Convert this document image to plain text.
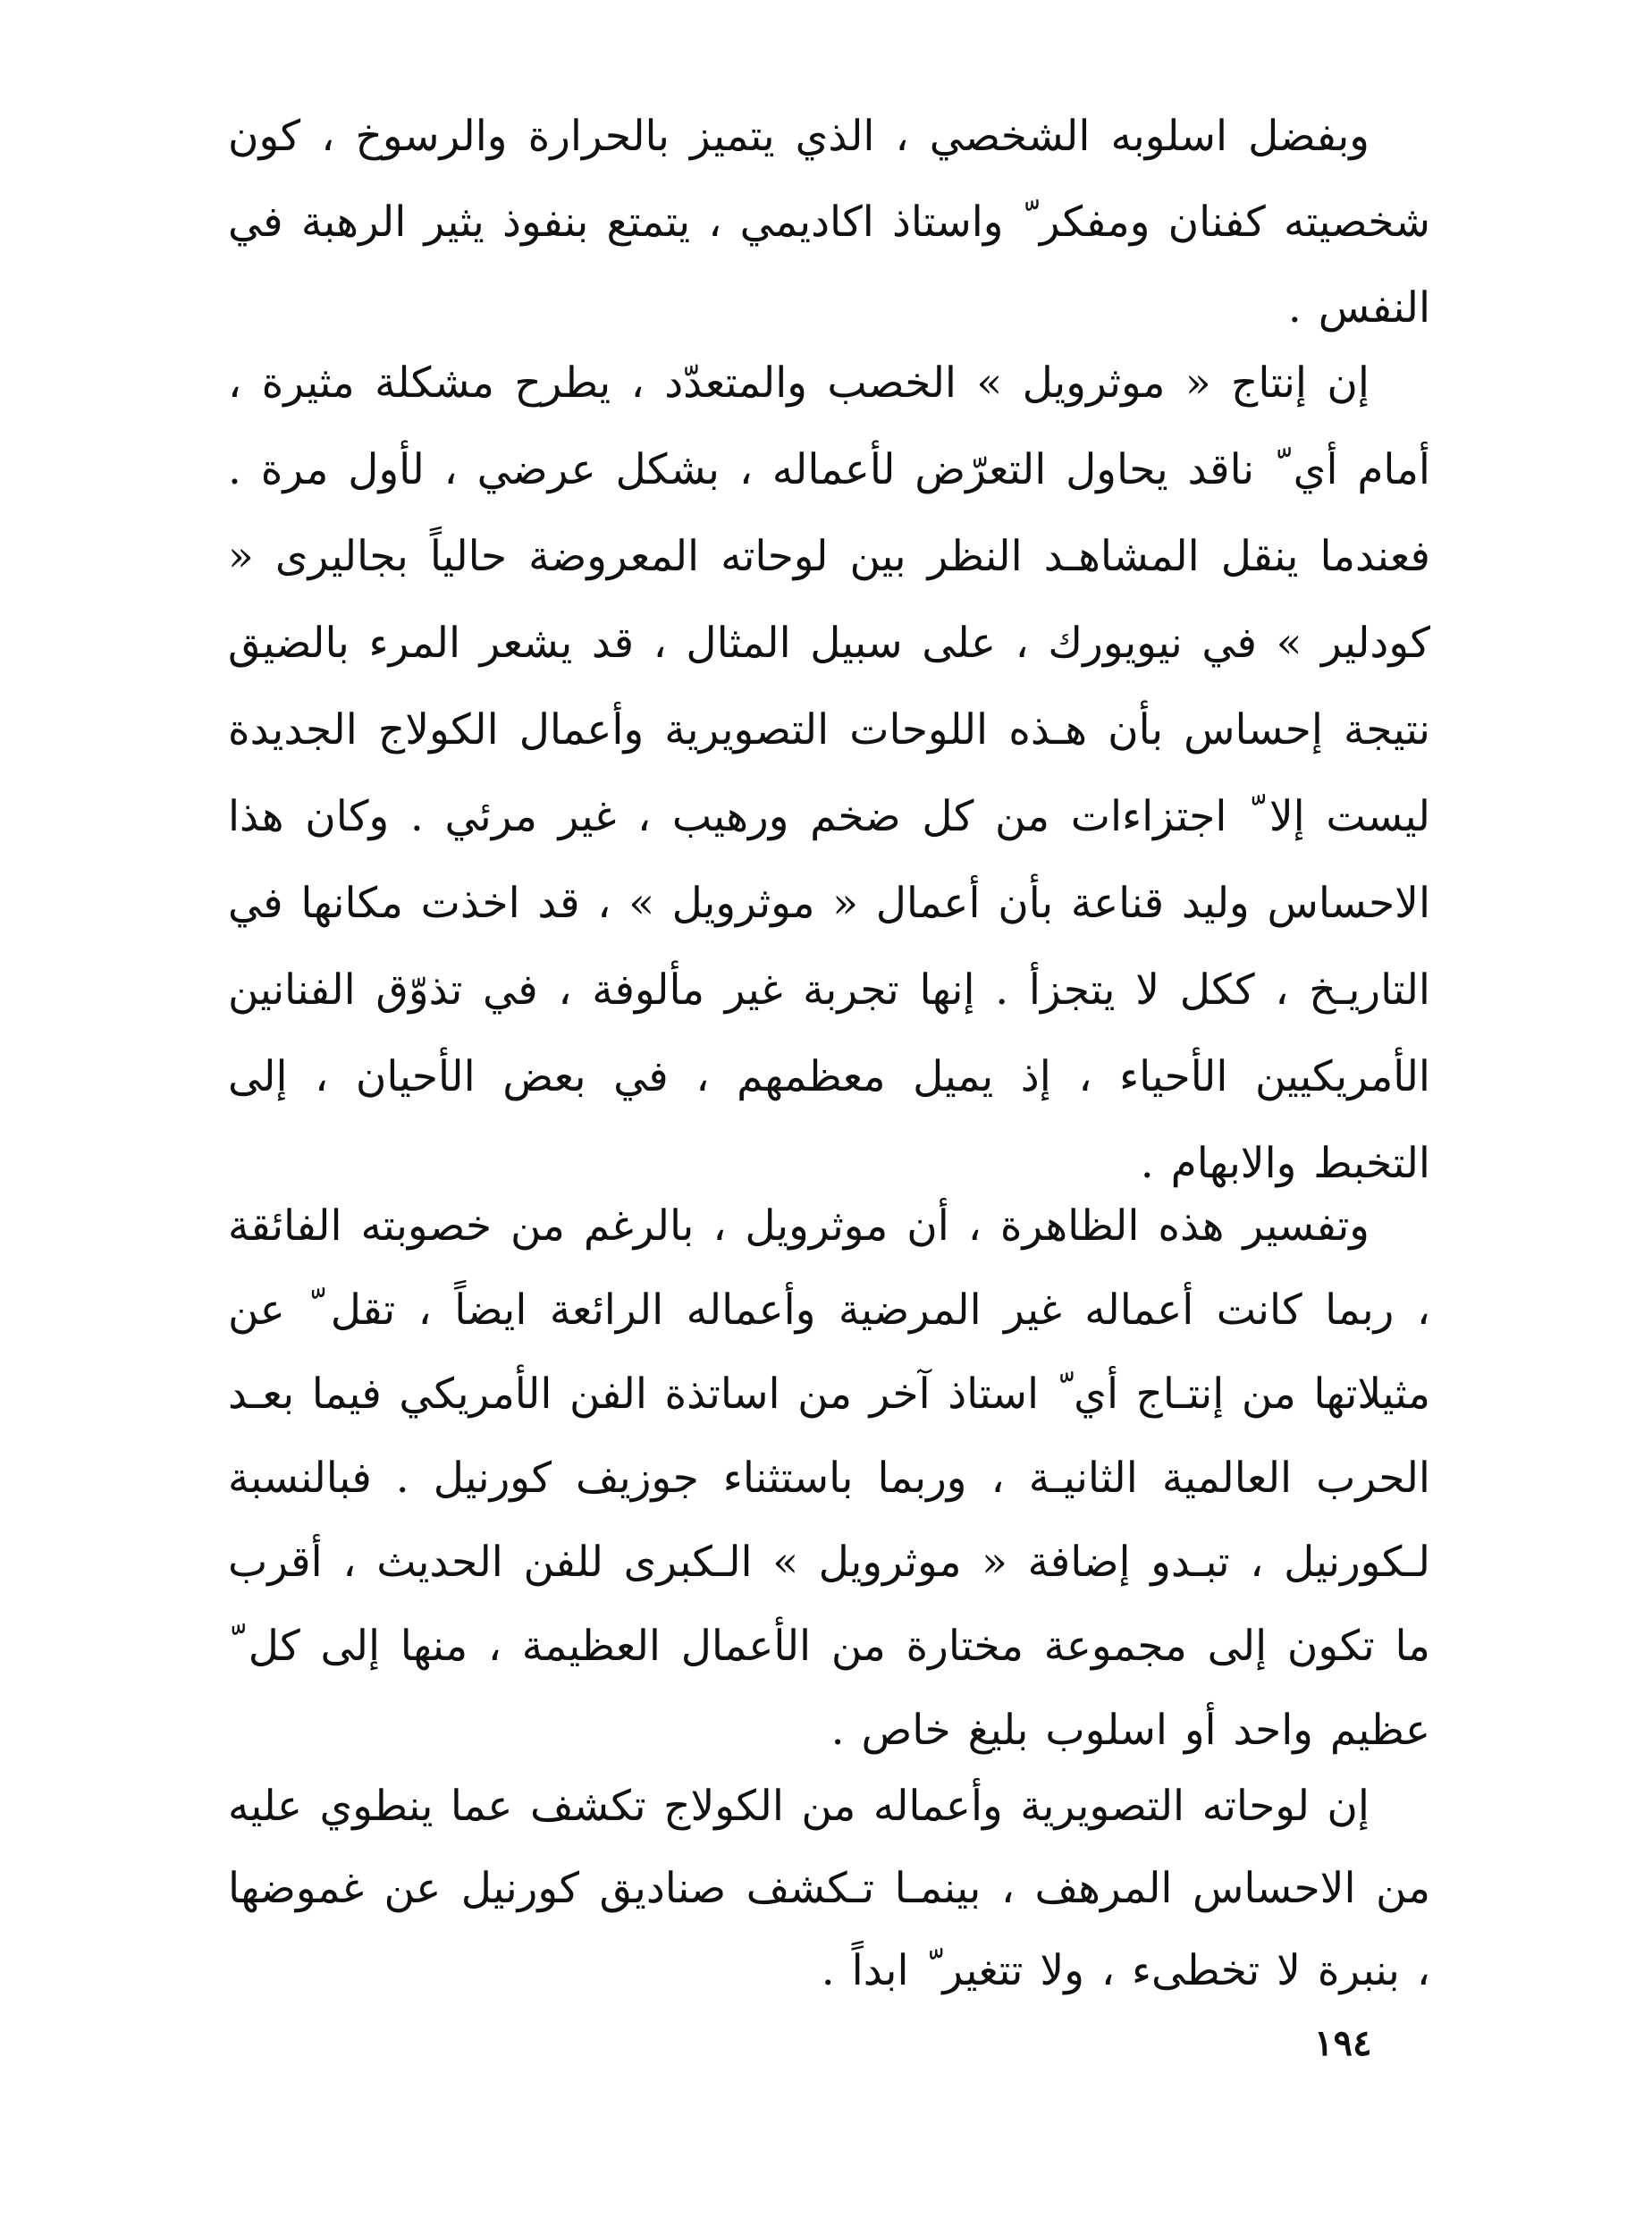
وبفضل اسلوبه الشخصي ، الذي يتميز بالحرارة والرسوخ ، كون شخصيته كفنان ومفكر ّ واستاذ اكاديمي ، يتمتع بنفوذ يثير الرهبة في النفس .

إن إنتاج « موثرويل » الخصب والمتعدّد ، يطرح مشكلة مثيرة ، أمام أي ّ ناقد يحاول التعرّض لأعماله ، بشكل عرضي ، لأول مرة . فعندما ينقل المشاهـد النظر بين لوحاته المعروضة حالياً بجاليرى « كودلير » في نيويورك ، على سبيل المثال ، قد يشعر المرء بالضيق نتيجة إحساس بأن هـذه اللوحات التصويرية وأعمال الكولاج الجديدة ليست إلا ّ اجتزاءات من كل ضخم ورهيب ، غير مرئي . وكان هذا الاحساس وليد قناعة بأن أعمال « موثرويل » ، قد اخذت مكانها في التاريـخ ، ككل لا يتجزأ . إنها تجربة غير مألوفة ، في تذوّق الفنانين الأمريكيين الأحياء ، إذ يميل معظمهم ، في بعض الأحيان ، إلى التخبط والابهام .

وتفسير هذه الظاهرة ، أن موثرويل ، بالرغم من خصوبته الفائقة ، ربما كانت أعماله غير المرضية وأعماله الرائعة ايضاً ، تقل ّ عن مثيلاتها من إنتـاج أي ّ استاذ آخر من اساتذة الفن الأمريكي فيما بعـد الحرب العالمية الثانيـة ، وربما باستثناء جوزيف كورنيل . فبالنسبة لـكورنيل ، تبـدو إضافة « موثرويل » الـكبرى للفن الحديث ، أقرب ما تكون إلى مجموعة مختارة من الأعمال العظيمة ، منها إلى كل ّ عظيم واحد أو اسلوب بليغ خاص .

إن لوحاته التصويرية وأعماله من الكولاج تكشف عما ينطوي عليه من الاحساس المرهف ، بينمـا تـكشف صناديق كورنيل عن غموضها ، بنبرة لا تخطىء ، ولا تتغير ّ ابداً .

١٩٤
